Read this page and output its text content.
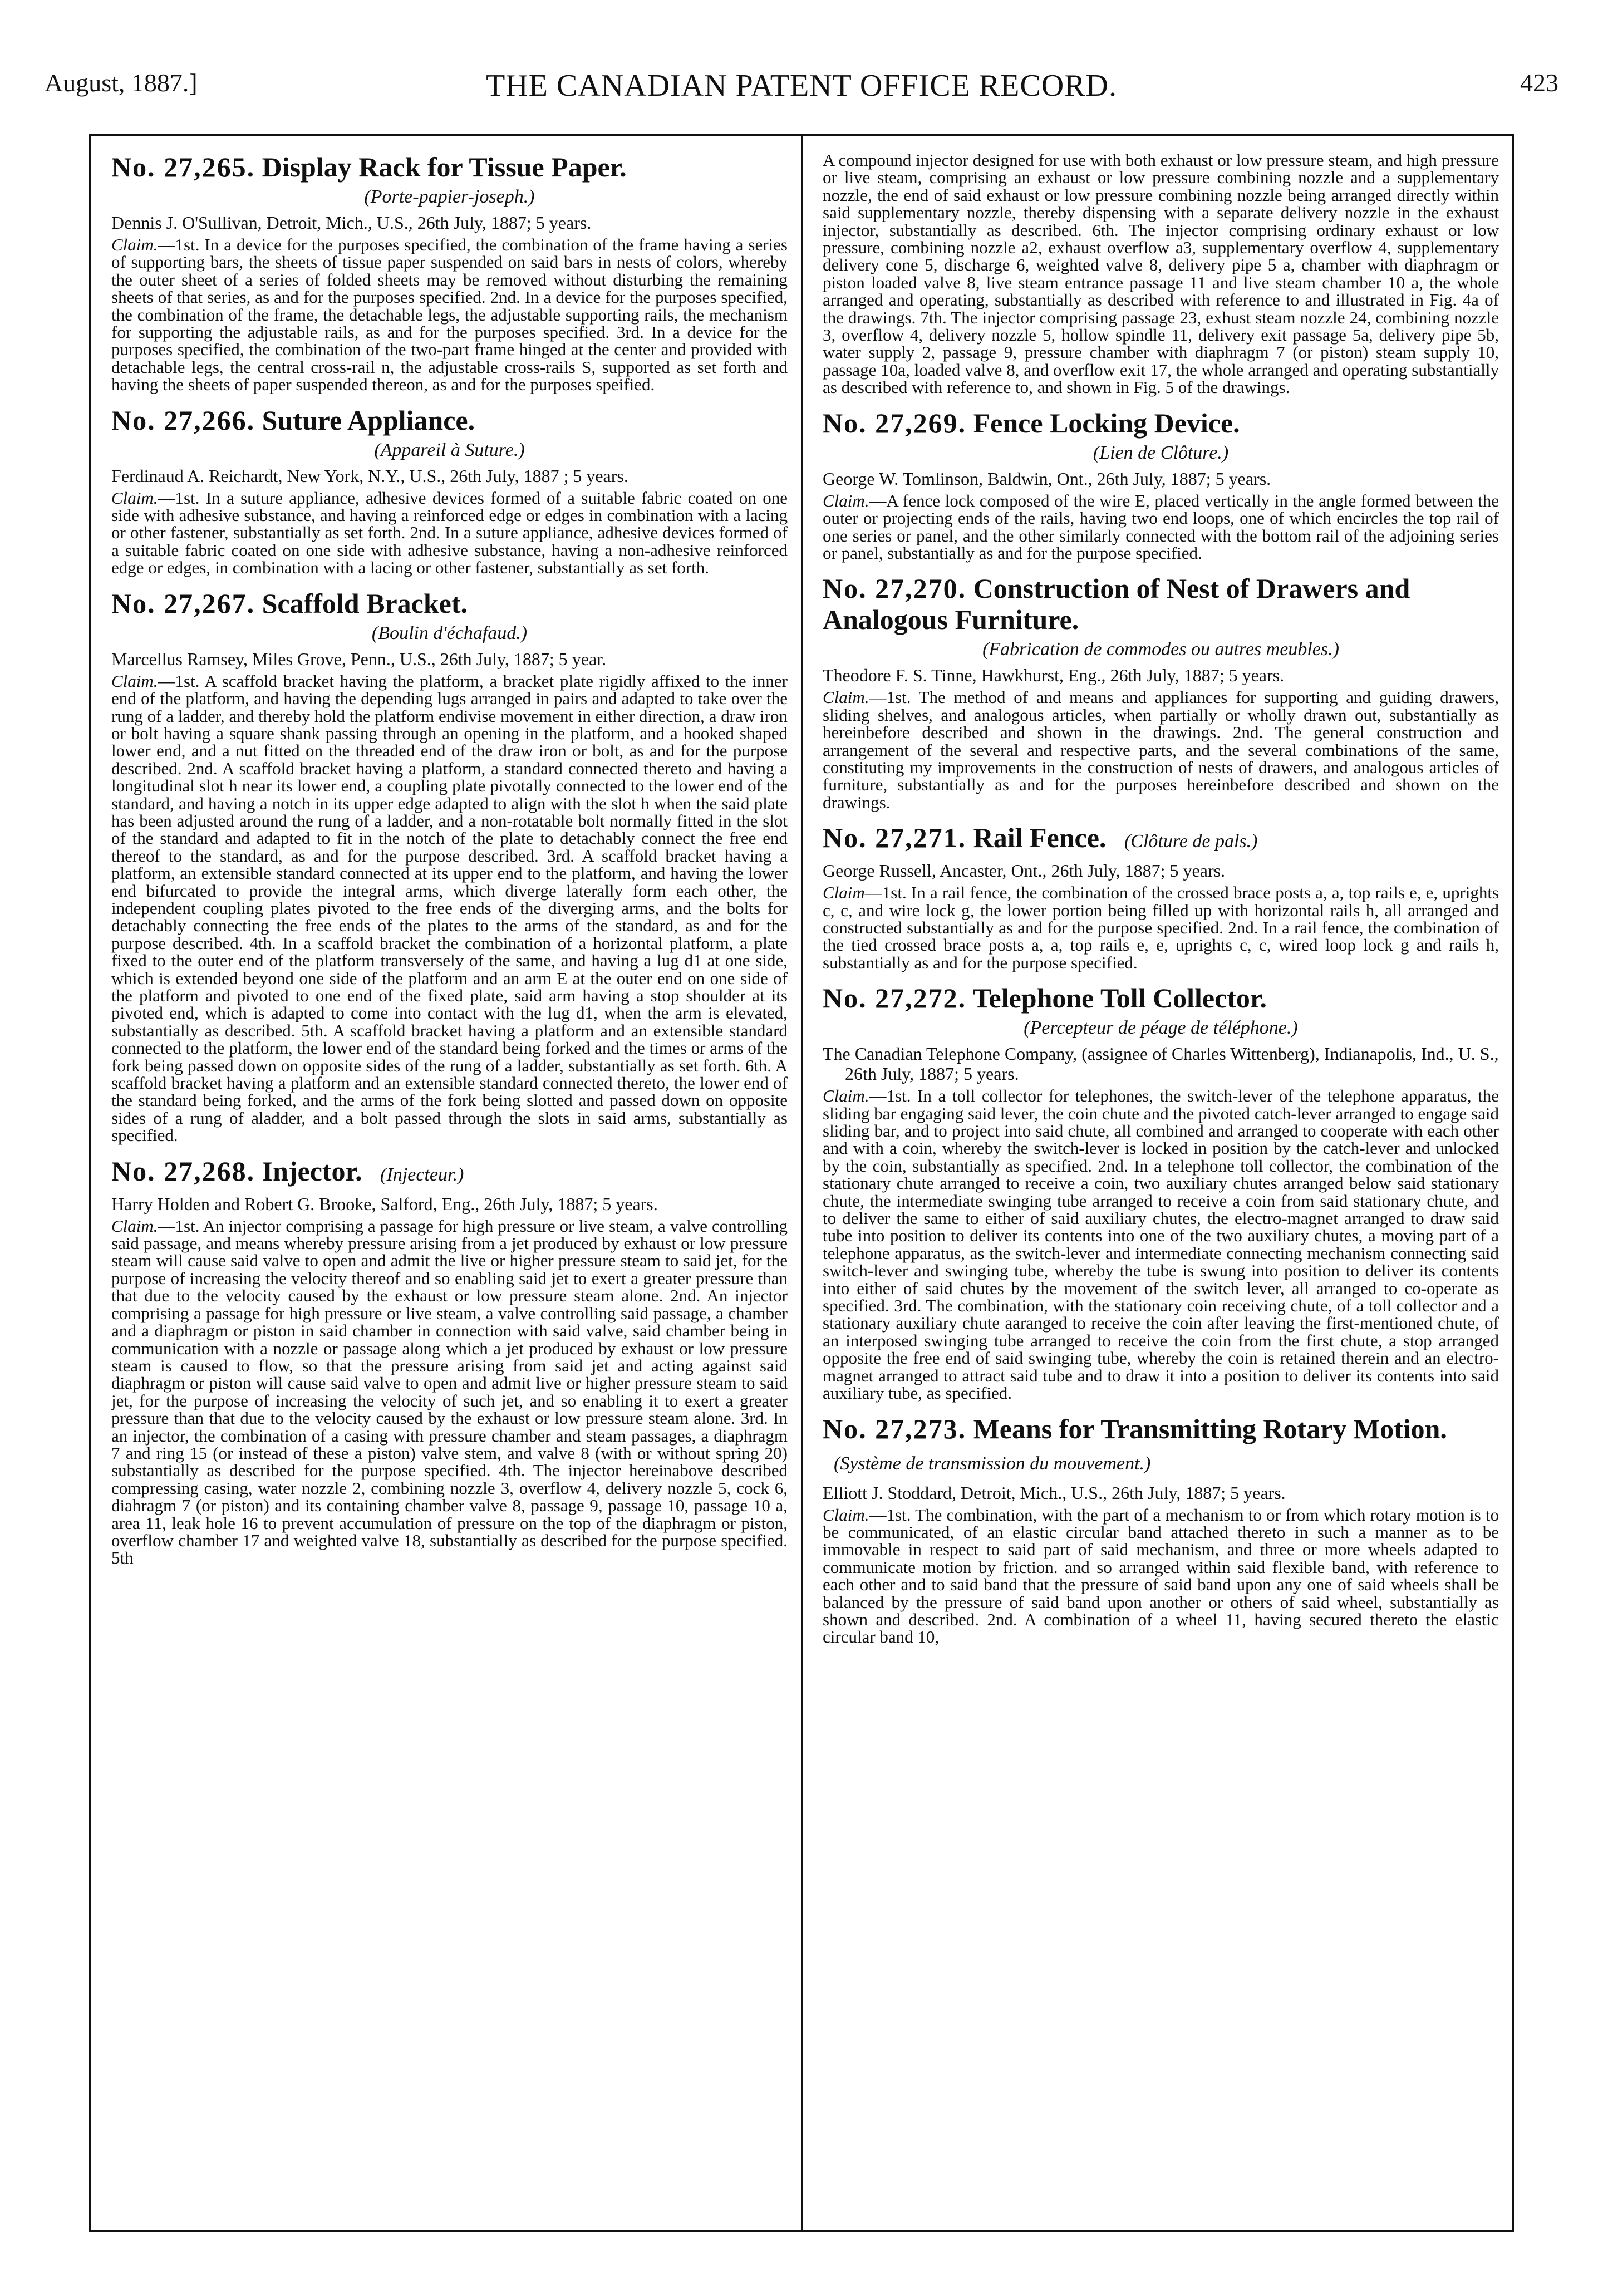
August, 1887.]	THE CANADIAN PATENT OFFICE RECORD.	423
No. 27,265. Display Rack for Tissue Paper.
(Porte-papier-joseph.)
Dennis J. O'Sullivan, Detroit, Mich., U.S., 26th July, 1887; 5 years.

Claim.—1st. In a device for the purposes specified, the combination of the frame having a series of supporting bars, the sheets of tissue paper suspended on said bars in nests of colors, whereby the outer sheet of a series of folded sheets may be removed without disturbing the remaining sheets of that series, as and for the purposes specified. 2nd. In a device for the purposes specified, the combination of the frame, the detachable legs, the adjustable supporting rails, the mechanism for supporting the adjustable rails, as and for the purposes specified. 3rd. In a device for the purposes specified, the combination of the two-part frame hinged at the center and provided with detachable legs, the central cross-rail n, the adjustable cross-rails S, supported as set forth and having the sheets of paper suspended thereon, as and for the purposes speified.

No. 27,266. Suture Appliance.
(Appareil à Suture.)
Ferdinaud A. Reichardt, New York, N.Y., U.S., 26th July, 1887 ; 5 years.

Claim.—1st. In a suture appliance, adhesive devices formed of a suitable fabric coated on one side with adhesive substance, and having a reinforced edge or edges in combination with a lacing or other fastener, substantially as set forth. 2nd. In a suture appliance, adhesive devices formed of a suitable fabric coated on one side with adhesive substance, having a non-adhesive reinforced edge or edges, in combination with a lacing or other fastener, substantially as set forth.

No. 27,267. Scaffold Bracket.
(Boulin d'échafaud.)
Marcellus Ramsey, Miles Grove, Penn., U.S., 26th July, 1887; 5 year.

Claim.—1st. A scaffold bracket having the platform, a bracket plate rigidly affixed to the inner end of the platform, and having the depending lugs arranged in pairs and adapted to take over the rung of a ladder, and thereby hold the platform endivise movement in either direction, a draw iron or bolt having a square shank passing through an opening in the platform, and a hooked shaped lower end, and a nut fitted on the threaded end of the draw iron or bolt, as and for the purpose described. 2nd. A scaffold bracket having a platform, a standard connected thereto and having a longitudinal slot h near its lower end, a coupling plate pivotally connected to the lower end of the standard, and having a notch in its upper edge adapted to align with the slot h when the said plate has been adjusted around the rung of a ladder, and a non-rotatable bolt normally fitted in the slot of the standard and adapted to fit in the notch of the plate to detachably connect the free end thereof to the standard, as and for the purpose described. 3rd. A scaffold bracket having a platform, an extensible standard connected at its upper end to the platform, and having the lower end bifurcated to provide the integral arms, which diverge laterally form each other, the independent coupling plates pivoted to the free ends of the diverging arms, and the bolts for detachably connecting the free ends of the plates to the arms of the standard, as and for the purpose described. 4th. In a scaffold bracket the combination of a horizontal platform, a plate fixed to the outer end of the platform transversely of the same, and having a lug d1 at one side, which is extended beyond one side of the platform and an arm E at the outer end on one side of the platform and pivoted to one end of the fixed plate, said arm having a stop shoulder at its pivoted end, which is adapted to come into contact with the lug d1, when the arm is elevated, substantially as described. 5th. A scaffold bracket having a platform and an extensible standard connected to the platform, the lower end of the standard being forked and the times or arms of the fork being passed down on opposite sides of the rung of a ladder, substantially as set forth. 6th. A scaffold bracket having a platform and an extensible standard connected thereto, the lower end of the standard being forked, and the arms of the fork being slotted and passed down on opposite sides of a rung of aladder, and a bolt passed through the slots in said arms, substantially as specified.

No. 27,268. Injector. (Injecteur.)
Harry Holden and Robert G. Brooke, Salford, Eng., 26th July, 1887; 5 years.

Claim.—1st. An injector comprising a passage for high pressure or live steam, a valve controlling said passage, and means whereby pressure arising from a jet produced by exhaust or low pressure steam will cause said valve to open and admit the live or higher pressure steam to said jet, for the purpose of increasing the velocity thereof and so enabling said jet to exert a greater pressure than that due to the velocity caused by the exhaust or low pressure steam alone. 2nd. An injector comprising a passage for high pressure or live steam, a valve controlling said passage, a chamber and a diaphragm or piston in said chamber in connection with said valve, said chamber being in communication with a nozzle or passage along which a jet produced by exhaust or low pressure steam is caused to flow, so that the pressure arising from said jet and acting against said diaphragm or piston will cause said valve to open and admit live or higher pressure steam to said jet, for the purpose of increasing the velocity of such jet, and so enabling it to exert a greater pressure than that due to the velocity caused by the exhaust or low pressure steam alone. 3rd. In an injector, the combination of a casing with pressure chamber and steam passages, a diaphragm 7 and ring 15 (or instead of these a piston) valve stem, and valve 8 (with or without spring 20) substantially as described for the purpose specified. 4th. The injector hereinabove described compressing casing, water nozzle 2, combining nozzle 3, overflow 4, delivery nozzle 5, cock 6, diahragm 7 (or piston) and its containing chamber valve 8, passage 9, passage 10, passage 10 a, area 11, leak hole 16 to prevent accumulation of pressure on the top of the diaphragm or piston, overflow chamber 17 and weighted valve 18, substantially as described for the purpose specified. 5th

A compound injector designed for use with both exhaust or low pressure steam, and high pressure or live steam, comprising an exhaust or low pressure combining nozzle and a supplementary nozzle, the end of said exhaust or low pressure combining nozzle being arranged directly within said supplementary nozzle, thereby dispensing with a separate delivery nozzle in the exhaust injector, substantially as described. 6th. The injector comprising ordinary exhaust or low pressure, combining nozzle a2, exhaust overflow a3, supplementary overflow 4, supplementary delivery cone 5, discharge 6, weighted valve 8, delivery pipe 5 a, chamber with diaphragm or piston loaded valve 8, live steam entrance passage 11 and live steam chamber 10 a, the whole arranged and operating, substantially as described with reference to and illustrated in Fig. 4a of the drawings. 7th. The injector comprising passage 23, exhust steam nozzle 24, combining nozzle 3, overflow 4, delivery nozzle 5, hollow spindle 11, delivery exit passage 5a, delivery pipe 5b, water supply 2, passage 9, pressure chamber with diaphragm 7 (or piston) steam supply 10, passage 10a, loaded valve 8, and overflow exit 17, the whole arranged and operating substantially as described with reference to, and shown in Fig. 5 of the drawings.

No. 27,269. Fence Locking Device.
(Lien de Clôture.)
George W. Tomlinson, Baldwin, Ont., 26th July, 1887; 5 years.

Claim.—A fence lock composed of the wire E, placed vertically in the angle formed between the outer or projecting ends of the rails, having two end loops, one of which encircles the top rail of one series or panel, and the other similarly connected with the bottom rail of the adjoining series or panel, substantially as and for the purpose specified.

No. 27,270. Construction of Nest of Drawers and Analogous Furniture.
(Fabrication de commodes ou autres meubles.)
Theodore F. S. Tinne, Hawkhurst, Eng., 26th July, 1887; 5 years.

Claim.—1st. The method of and means and appliances for supporting and guiding drawers, sliding shelves, and analogous articles, when partially or wholly drawn out, substantially as hereinbefore described and shown in the drawings. 2nd. The general construction and arrangement of the several and respective parts, and the several combinations of the same, constituting my improvements in the construction of nests of drawers, and analogous articles of furniture, substantially as and for the purposes hereinbefore described and shown on the drawings.

No. 27,271. Rail Fence. (Clôture de pals.)
George Russell, Ancaster, Ont., 26th July, 1887; 5 years.

Claim—1st. In a rail fence, the combination of the crossed brace posts a, a, top rails e, e, uprights c, c, and wire lock g, the lower portion being filled up with horizontal rails h, all arranged and constructed substantially as and for the purpose specified. 2nd. In a rail fence, the combination of the tied crossed brace posts a, a, top rails e, e, uprights c, c, wired loop lock g and rails h, substantially as and for the purpose specified.

No. 27,272. Telephone Toll Collector.
(Percepteur de péage de téléphone.)
The Canadian Telephone Company, (assignee of Charles Wittenberg), Indianapolis, Ind., U. S., 26th July, 1887; 5 years.

Claim.—1st. In a toll collector for telephones, the switch-lever of the telephone apparatus, the sliding bar engaging said lever, the coin chute and the pivoted catch-lever arranged to engage said sliding bar, and to project into said chute, all combined and arranged to cooperate with each other and with a coin, whereby the switch-lever is locked in position by the catch-lever and unlocked by the coin, substantially as specified. 2nd. In a telephone toll collector, the combination of the stationary chute arranged to receive a coin, two auxiliary chutes arranged below said stationary chute, the intermediate swinging tube arranged to receive a coin from said stationary chute, and to deliver the same to either of said auxiliary chutes, the electro-magnet arranged to draw said tube into position to deliver its contents into one of the two auxiliary chutes, a moving part of a telephone apparatus, as the switch-lever and intermediate connecting mechanism connecting said switch-lever and swinging tube, whereby the tube is swung into position to deliver its contents into either of said chutes by the movement of the switch lever, all arranged to co-operate as specified. 3rd. The combination, with the stationary coin receiving chute, of a toll collector and a stationary auxiliary chute aaranged to receive the coin after leaving the first-mentioned chute, of an interposed swinging tube arranged to receive the coin from the first chute, a stop arranged opposite the free end of said swinging tube, whereby the coin is retained therein and an electro-magnet arranged to attract said tube and to draw it into a position to deliver its contents into said auxiliary tube, as specified.

No. 27,273. Means for Transmitting Rotary Motion. (Système de transmission du mouvement.)
Elliott J. Stoddard, Detroit, Mich., U.S., 26th July, 1887; 5 years.

Claim.—1st. The combination, with the part of a mechanism to or from which rotary motion is to be communicated, of an elastic circular band attached thereto in such a manner as to be immovable in respect to said part of said mechanism, and three or more wheels adapted to communicate motion by friction. and so arranged within said flexible band, with reference to each other and to said band that the pressure of said band upon any one of said wheels shall be balanced by the pressure of said band upon another or others of said wheel, substantially as shown and described. 2nd. A combination of a wheel 11, having secured thereto the elastic circular band 10,
